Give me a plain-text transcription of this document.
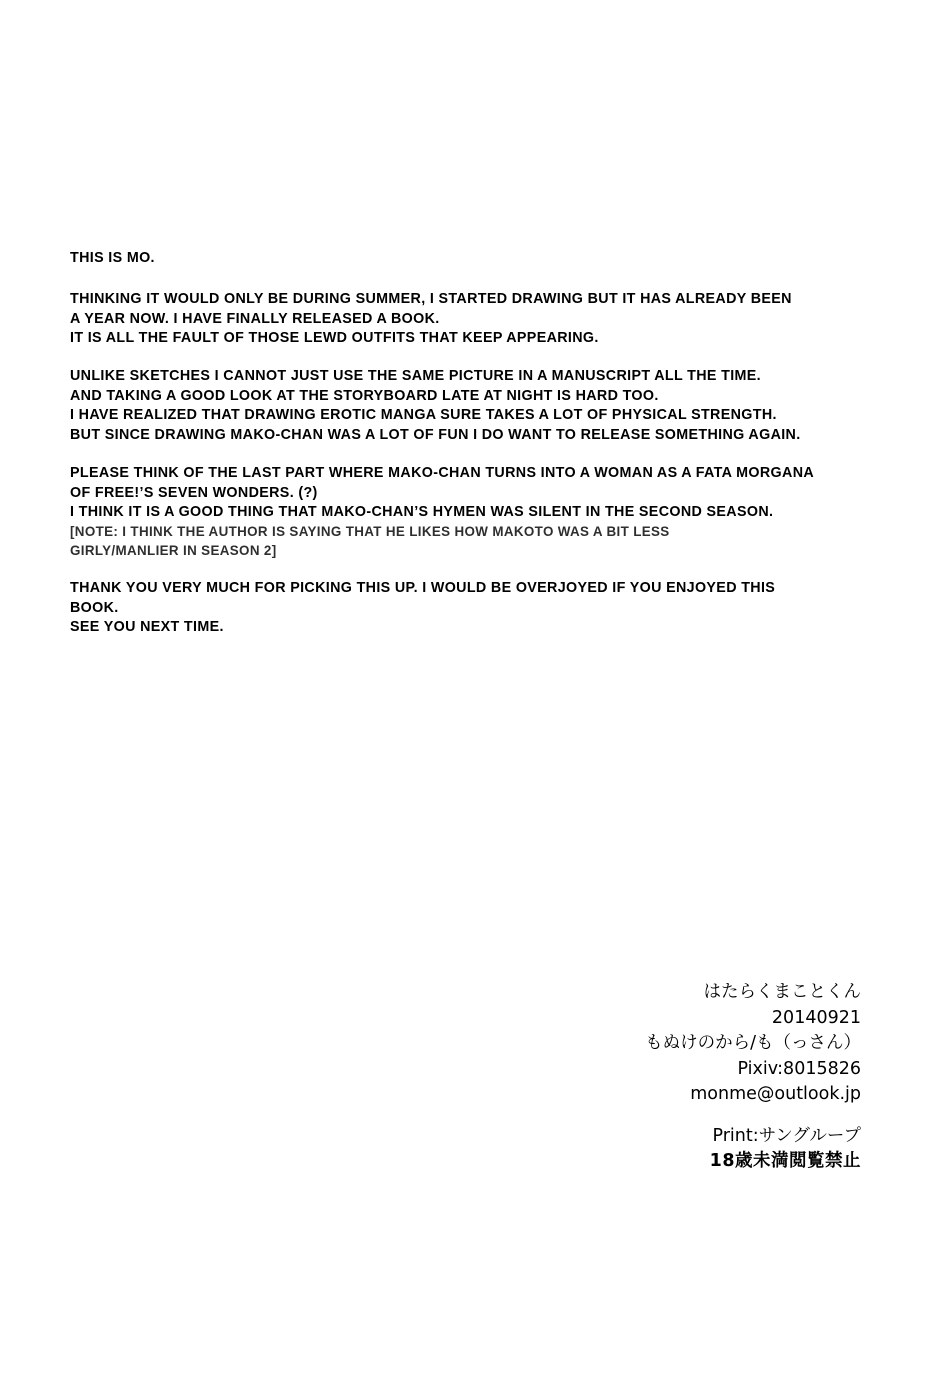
THIS IS MO.

THINKING IT WOULD ONLY BE DURING SUMMER, I STARTED DRAWING BUT IT HAS ALREADY BEEN
A YEAR NOW. I HAVE FINALLY RELEASED A BOOK.
IT IS ALL THE FAULT OF THOSE LEWD OUTFITS THAT KEEP APPEARING.

UNLIKE SKETCHES I CANNOT JUST USE THE SAME PICTURE IN A MANUSCRIPT ALL THE TIME.
AND TAKING A GOOD LOOK AT THE STORYBOARD LATE AT NIGHT IS HARD TOO.
I HAVE REALIZED THAT DRAWING EROTIC MANGA SURE TAKES A LOT OF PHYSICAL STRENGTH.
BUT SINCE DRAWING MAKO-CHAN WAS A LOT OF FUN I DO WANT TO RELEASE SOMETHING AGAIN.

PLEASE THINK OF THE LAST PART WHERE MAKO-CHAN TURNS INTO A WOMAN AS A FATA MORGANA
OF FREE!’S SEVEN WONDERS. (?)
I THINK IT IS A GOOD THING THAT MAKO-CHAN’S HYMEN WAS SILENT IN THE SECOND SEASON.
[NOTE: I THINK THE AUTHOR IS SAYING THAT HE LIKES HOW MAKOTO WAS A BIT LESS
GIRLY/MANLIER IN SEASON 2]

THANK YOU VERY MUCH FOR PICKING THIS UP. I WOULD BE OVERJOYED IF YOU ENJOYED THIS
BOOK.
SEE YOU NEXT TIME.

はたらくまことくん
20140921
もぬけのから/も（っさん）
Pixiv:8015826
monme@outlook.jp
Print:サングループ
18歳未満閲覧禁止
